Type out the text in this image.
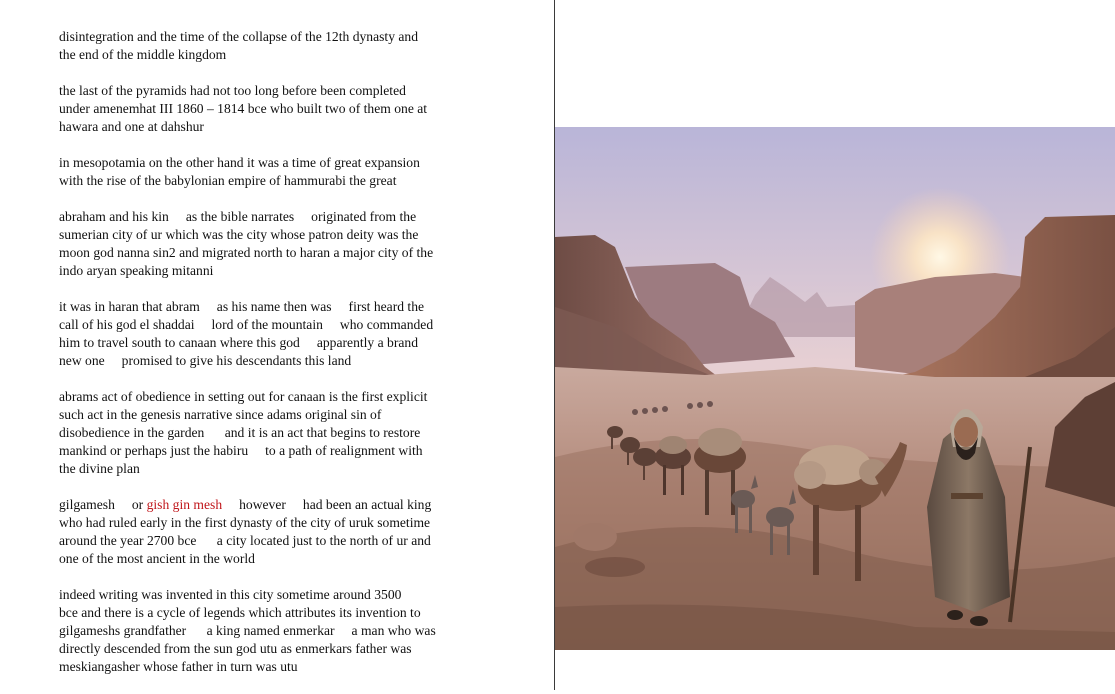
disintegration and the time of the collapse of the 12th dynasty and
the end of the middle kingdom
the last of the pyramids had not too long before been completed
under amenemhat III 1860 – 1814 bce who built two of them one at
hawara and one at dahshur
in mesopotamia on the other hand it was a time of great expansion
with the rise of the babylonian empire of hammurabi the great
abraham and his kin     as the bible narrates     originated from the
sumerian city of ur which was the city whose patron deity was the
moon god nanna sin2 and migrated north to haran a major city of the
indo aryan speaking mitanni
it was in haran that abram     as his name then was     first heard the
call of his god el shaddai     lord of the mountain     who commanded
him to travel south to canaan where this god     apparently a brand
new one     promised to give his descendants this land
abrams act of obedience in setting out for canaan is the first explicit
such act in the genesis narrative since adams original sin of
disobedience in the garden      and it is an act that begins to restore
mankind or perhaps just the habiru     to a path of realignment with
the divine plan
gilgamesh     or gish gin mesh     however     had been an actual king
who had ruled early in the first dynasty of the city of uruk sometime
around the year 2700 bce      a city located just to the north of ur and
one of the most ancient in the world
indeed writing was invented in this city sometime around 3500
bce and there is a cycle of legends which attributes its invention to
gilgameshs grandfather      a king named enmerkar     a man who was
directly descended from the sun god utu as enmerkars father was
meskiangasher whose father in turn was utu
